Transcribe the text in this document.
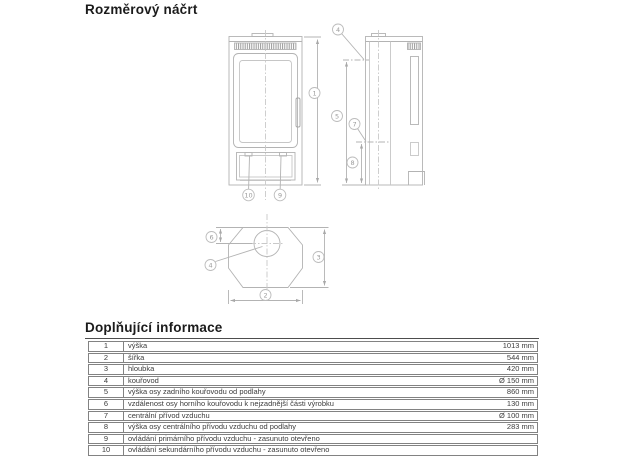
Rozměrový náčrt
1
4
5
7
8
10	9
6
4
3
2
Doplňující informace
1	výška	1013 mm
2	šířka	544 mm
3	hloubka	420 mm
4	kouřovod	Ø 150 mm
5	výška osy zadního kouřovodu od podlahy	860 mm
6	vzdálenost osy horního kouřovodu k nejzadnější části výrobku	130 mm
7	centrální přívod vzduchu	Ø 100 mm
8	výška osy centrálního přívodu vzduchu od podlahy	283 mm
9	ovládání primárního přívodu vzduchu - zasunuto otevřeno
10	ovládání sekundárního přívodu vzduchu - zasunuto otevřeno
